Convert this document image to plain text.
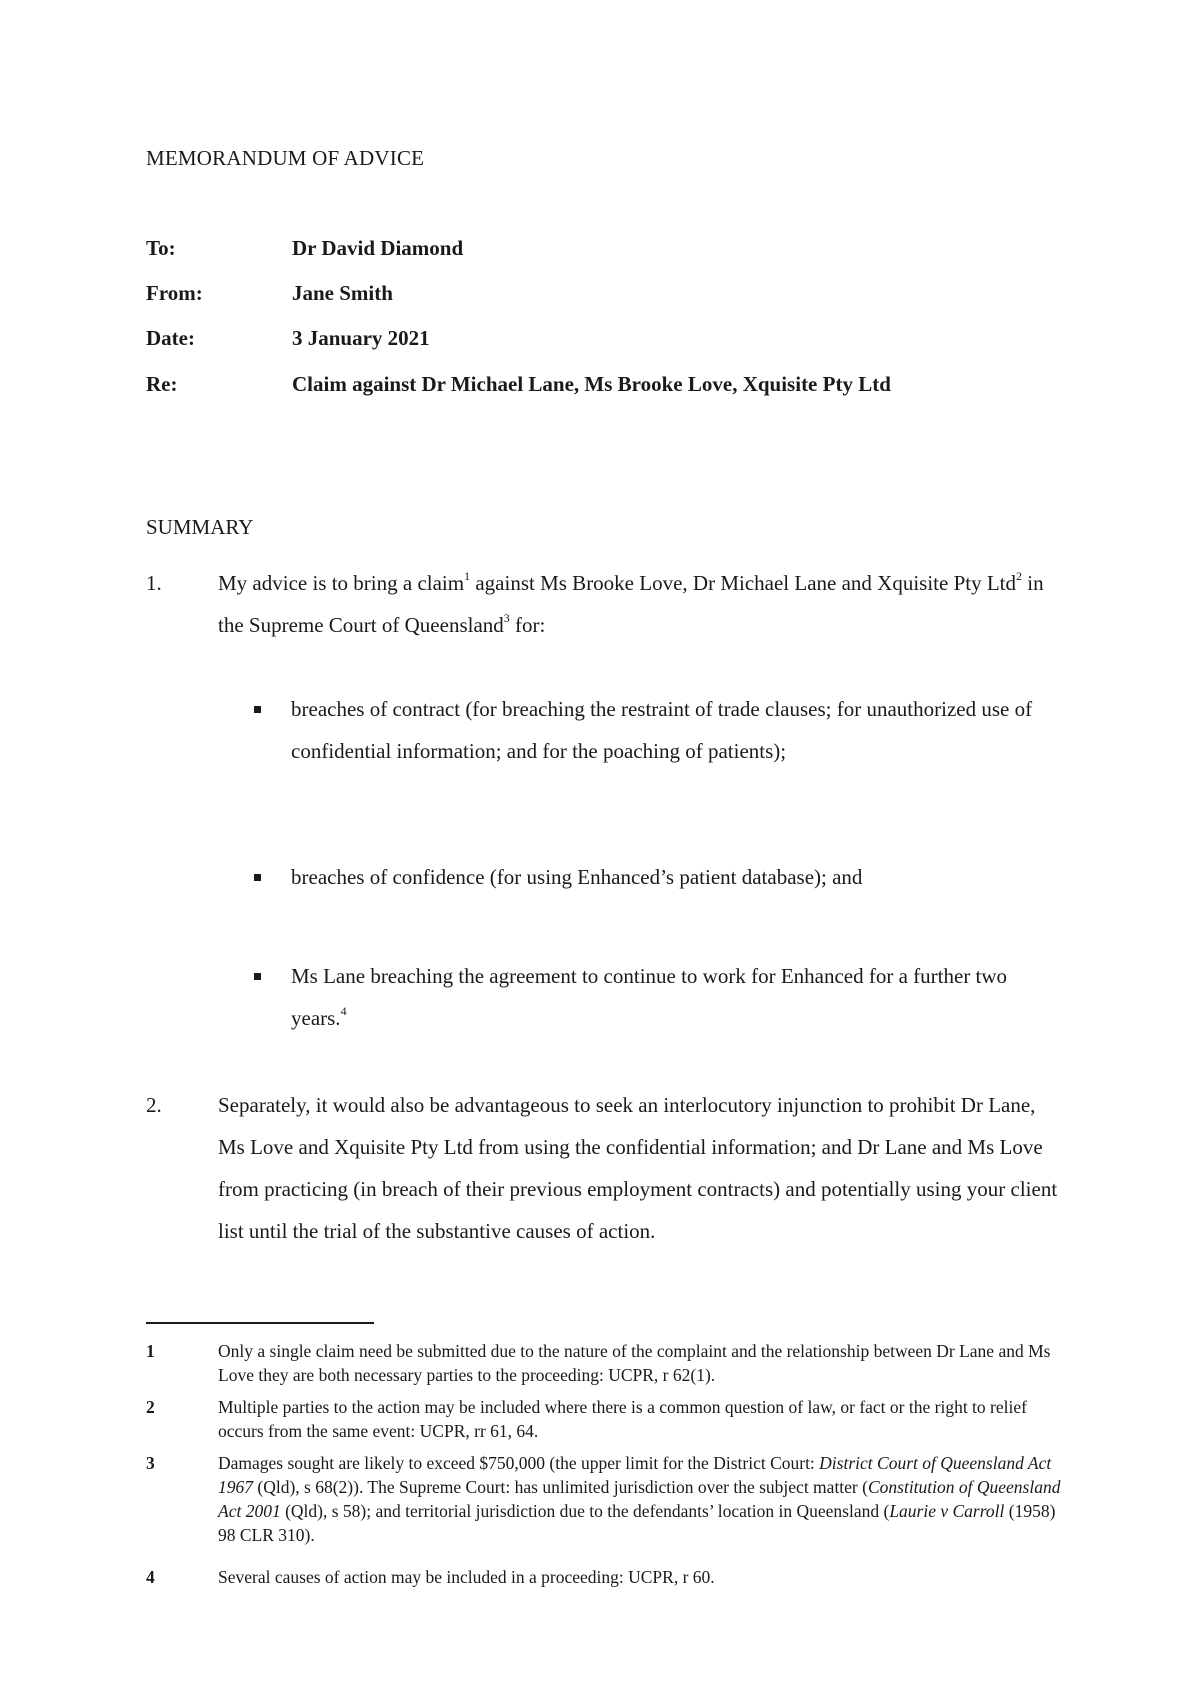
MEMORANDUM OF ADVICE
To:	Dr David Diamond
From:	Jane Smith
Date:	3 January 2021
Re:	Claim against Dr Michael Lane, Ms Brooke Love, Xquisite Pty Ltd
SUMMARY
1.	My advice is to bring a claim$^1$ against Ms Brooke Love, Dr Michael Lane and Xquisite Pty Ltd$^2$ in the Supreme Court of Queensland$^3$ for:
breaches of contract (for breaching the restraint of trade clauses; for unauthorized use of confidential information; and for the poaching of patients);
breaches of confidence (for using Enhanced’s patient database); and
Ms Lane breaching the agreement to continue to work for Enhanced for a further two years.$^4$
2.	Separately, it would also be advantageous to seek an interlocutory injunction to prohibit Dr Lane, Ms Love and Xquisite Pty Ltd from using the confidential information; and Dr Lane and Ms Love from practicing (in breach of their previous employment contracts) and potentially using your client list until the trial of the substantive causes of action.
1	Only a single claim need be submitted due to the nature of the complaint and the relationship between Dr Lane and Ms Love they are both necessary parties to the proceeding: UCPR, r 62(1).
2	Multiple parties to the action may be included where there is a common question of law, or fact or the right to relief occurs from the same event: UCPR, rr 61, 64.
3	Damages sought are likely to exceed $750,000 (the upper limit for the District Court: District Court of Queensland Act 1967 (Qld), s 68(2)). The Supreme Court: has unlimited jurisdiction over the subject matter (Constitution of Queensland Act 2001 (Qld), s 58); and territorial jurisdiction due to the defendants’ location in Queensland (Laurie v Carroll (1958) 98 CLR 310).
4	Several causes of action may be included in a proceeding: UCPR, r 60.
